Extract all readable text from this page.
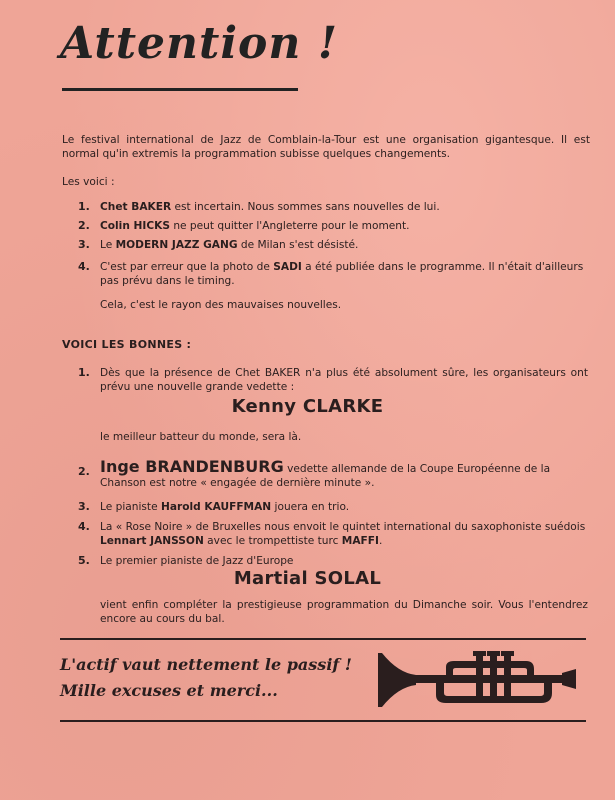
Attention !
Le festival international de Jazz de Comblain-la-Tour est une organisation gigantesque. Il est normal qu'in extremis la programmation subisse quelques changements.
Les voici :
1. Chet BAKER est incertain. Nous sommes sans nouvelles de lui.
2. Colin HICKS ne peut quitter l'Angleterre pour le moment.
3. Le MODERN JAZZ GANG de Milan s'est désisté.
4. C'est par erreur que la photo de SADI a été publiée dans le programme. Il n'était d'ailleurs pas prévu dans le timing.
Cela, c'est le rayon des mauvaises nouvelles.
VOICI LES BONNES :
1. Dès que la présence de Chet BAKER n'a plus été absolument sûre, les organisateurs ont prévu une nouvelle grande vedette :
Kenny CLARKE
le meilleur batteur du monde, sera là.
2. Inge BRANDENBURG vedette allemande de la Coupe Européenne de la Chanson est notre « engagée de dernière minute ».
3. Le pianiste Harold KAUFFMAN jouera en trio.
4. La « Rose Noire » de Bruxelles nous envoit le quintet international du saxophoniste suédois Lennart JANSSON avec le trompettiste turc MAFFI.
5. Le premier pianiste de Jazz d'Europe
Martial SOLAL
vient enfin compléter la prestigieuse programmation du Dimanche soir. Vous l'entendrez encore au cours du bal.
L'actif vaut nettement le passif !
Mille excuses et merci...
